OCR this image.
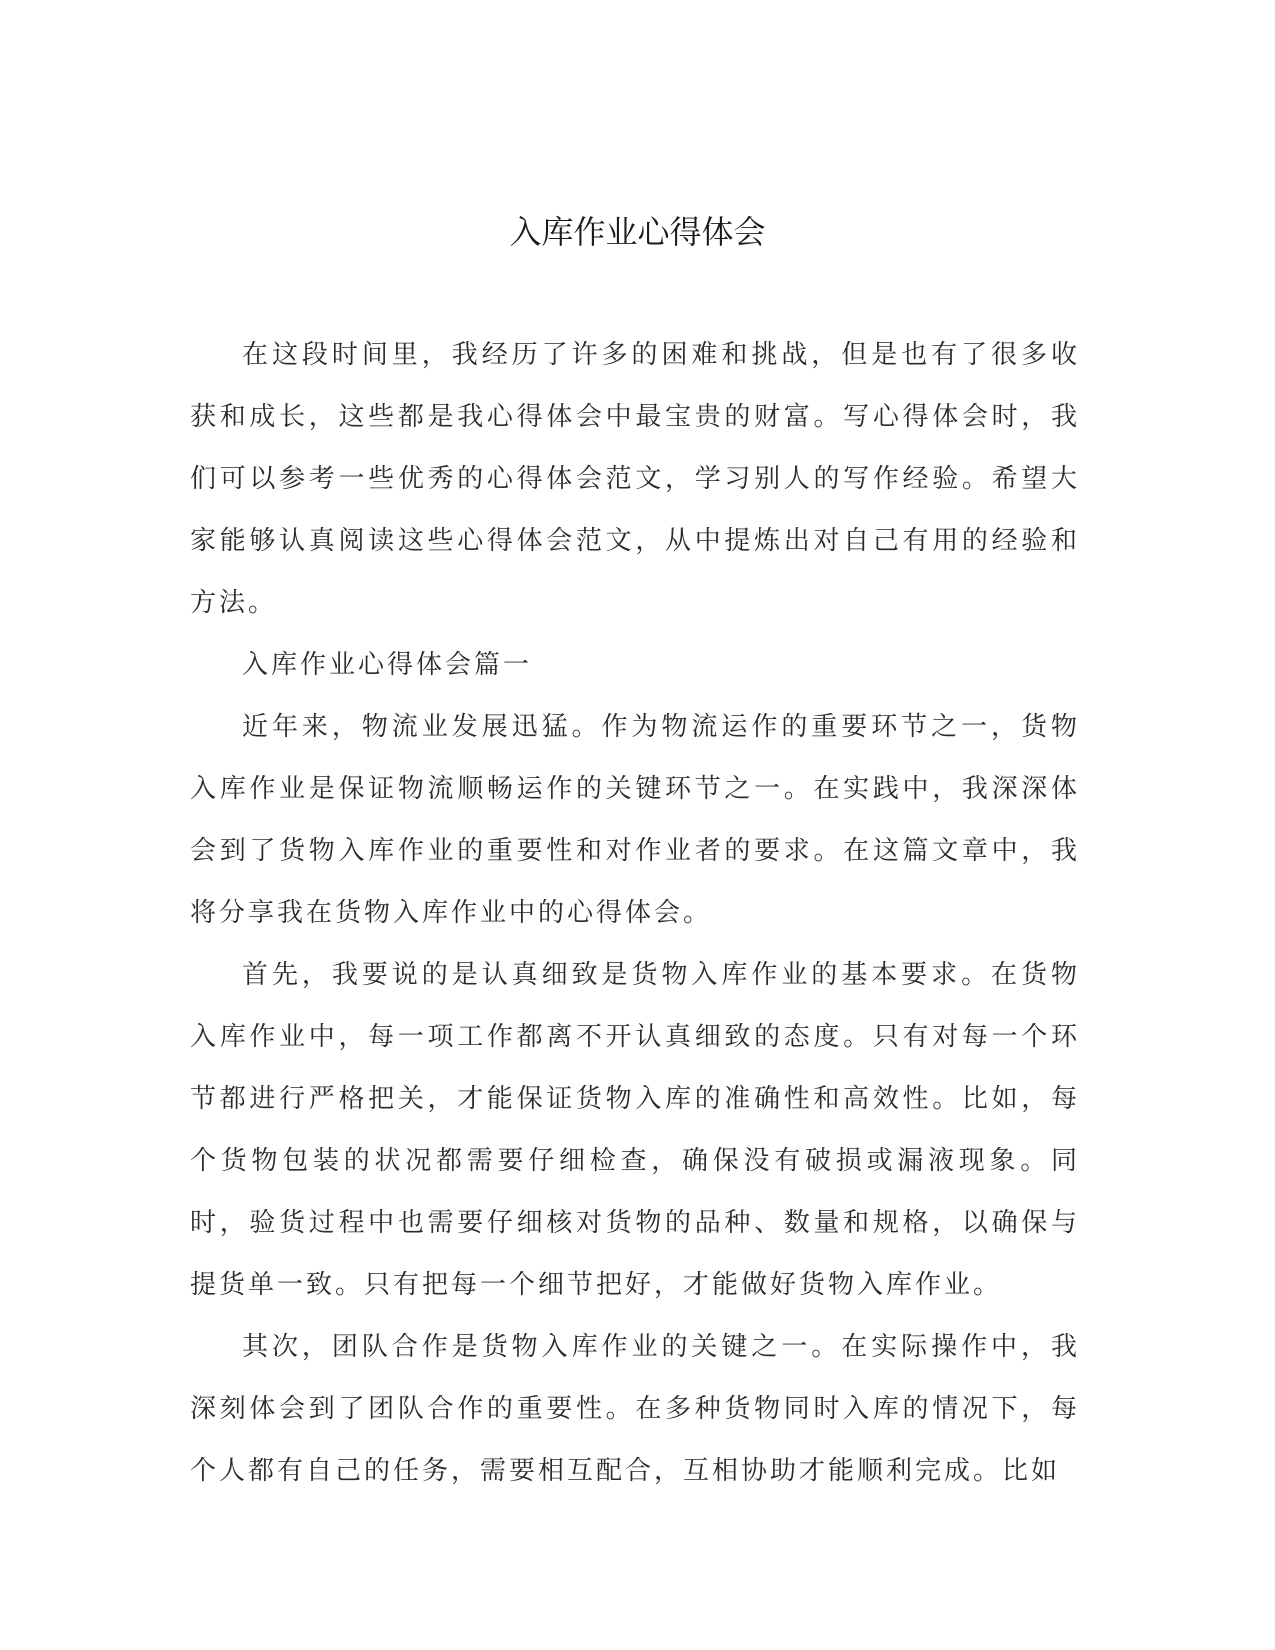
入库作业心得体会

在这段时间里，我经历了许多的困难和挑战，但是也有了很多收获和成长，这些都是我心得体会中最宝贵的财富。写心得体会时，我们可以参考一些优秀的心得体会范文，学习别人的写作经验。希望大家能够认真阅读这些心得体会范文，从中提炼出对自己有用的经验和方法。

入库作业心得体会篇一

近年来，物流业发展迅猛。作为物流运作的重要环节之一，货物入库作业是保证物流顺畅运作的关键环节之一。在实践中，我深深体会到了货物入库作业的重要性和对作业者的要求。在这篇文章中，我将分享我在货物入库作业中的心得体会。

首先，我要说的是认真细致是货物入库作业的基本要求。在货物入库作业中，每一项工作都离不开认真细致的态度。只有对每一个环节都进行严格把关，才能保证货物入库的准确性和高效性。比如，每个货物包装的状况都需要仔细检查，确保没有破损或漏液现象。同时，验货过程中也需要仔细核对货物的品种、数量和规格，以确保与提货单一致。只有把每一个细节把好，才能做好货物入库作业。

其次，团队合作是货物入库作业的关键之一。在实际操作中，我深刻体会到了团队合作的重要性。在多种货物同时入库的情况下，每个人都有自己的任务，需要相互配合，互相协助才能顺利完成。比如
